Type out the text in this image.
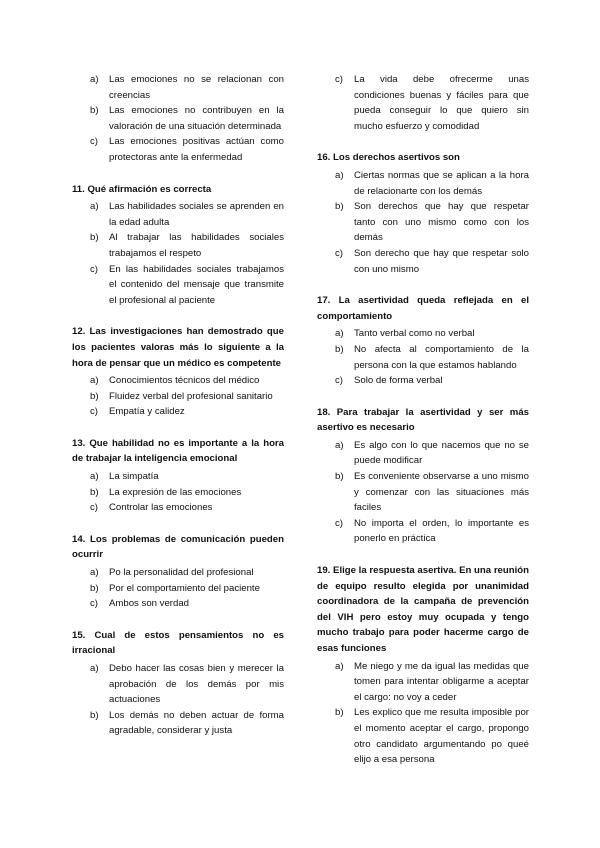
a)	Las emociones no se relacionan con creencias
b)	Las emociones no contribuyen en la valoración de una situación determinada
c)	Las emociones positivas actúan como protectoras ante la enfermedad

11. Qué afirmación es correcta

a)	Las habilidades sociales se aprenden en la edad adulta
b)	Al trabajar las habilidades sociales trabajamos el respeto
c)	En las habilidades sociales trabajamos el contenido del mensaje que transmite el profesional al paciente

12. Las investigaciones han demostrado que los pacientes valoras más lo siguiente a la hora de pensar que un médico es competente

a)	Conocimientos técnicos del médico
b)	Fluidez verbal del profesional sanitario
c)	Empatía y calidez

13. Que habilidad no es importante a la hora de trabajar la inteligencia emocional

a)	La simpatía
b)	La expresión de las emociones
c)	Controlar las emociones

14. Los problemas de comunicación pueden ocurrir

a)	Po la personalidad del profesional
b)	Por el comportamiento del paciente
c)	Ambos son verdad

15. Cual de estos pensamientos no es irracional

a)	Debo hacer las cosas bien y merecer la aprobación de los demás por mis actuaciones
b)	Los demás no deben actuar de forma agradable, considerar y justa
c)	La vida debe ofrecerme unas condiciones buenas y fáciles para que pueda conseguir lo que quiero sin mucho esfuerzo y comodidad

16. Los derechos asertivos son

a)	Ciertas normas que se aplican a la hora de relacionarte con los demás
b)	Son derechos que hay que respetar tanto con uno mismo como con los demás
c)	Son derecho que hay que respetar solo con uno mismo

17. La asertividad queda reflejada en el comportamiento

a)	Tanto verbal como no verbal
b)	No afecta al comportamiento de la persona con la que estamos hablando
c)	Solo de forma verbal

18. Para trabajar la asertividad y ser más asertivo es necesario

a)	Es algo con lo que nacemos que no se puede modificar
b)	Es conveniente observarse a uno mismo y comenzar con las situaciones más faciles
c)	No importa el orden, lo importante es ponerlo en práctica

19. Elige la respuesta asertiva. En una reunión de equipo resulto elegida por unanimidad coordinadora de la campaña de prevención del VIH pero estoy muy ocupada y tengo mucho trabajo para poder hacerme cargo de esas funciones

a)	Me niego y me da igual las medidas que tomen para intentar obligarme a aceptar el cargo: no voy a ceder
b)	Les explico que me resulta imposible por el momento aceptar el cargo, propongo otro candidato argumentando po queé elijo a esa persona
